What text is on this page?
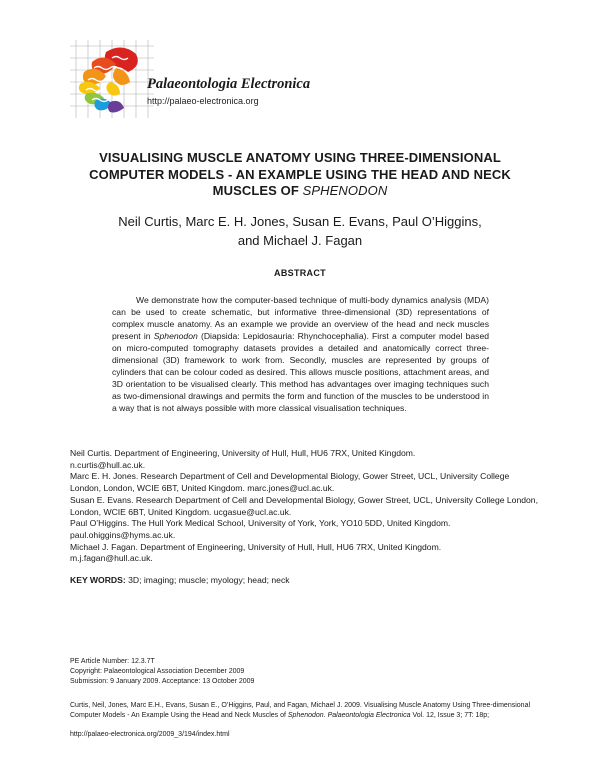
Palaeontologia Electronica
http://palaeo-electronica.org
VISUALISING MUSCLE ANATOMY USING THREE-DIMENSIONAL
COMPUTER MODELS - AN EXAMPLE USING THE HEAD AND NECK
MUSCLES OF SPHENODON

Neil Curtis, Marc E. H. Jones, Susan E. Evans, Paul O’Higgins,
and Michael J. Fagan

ABSTRACT

We demonstrate how the computer-based technique of multi-body dynamics analysis (MDA) can be used to create schematic, but informative three-dimensional (3D) representations of complex muscle anatomy. As an example we provide an overview of the head and neck muscles present in Sphenodon (Diapsida: Lepidosauria: Rhynchocephalia). First a computer model based on micro-computed tomography datasets provides a detailed and anatomically correct three-dimensional (3D) framework to work from. Secondly, muscles are represented by groups of cylinders that can be colour coded as desired. This allows muscle positions, attachment areas, and 3D orientation to be visualised clearly. This method has advantages over imaging techniques such as two-dimensional drawings and permits the form and function of the muscles to be understood in a way that is not always possible with more classical visualisation techniques.

Neil Curtis. Department of Engineering, University of Hull, Hull, HU6 7RX, United Kingdom.

n.curtis@hull.ac.uk.

Marc E. H. Jones. Research Department of Cell and Developmental Biology, Gower Street, UCL, University College London, London, WCIE 6BT, United Kingdom. marc.jones@ucl.ac.uk.

Susan E. Evans. Research Department of Cell and Developmental Biology, Gower Street, UCL, University College London, London, WCIE 6BT, United Kingdom. ucgasue@ucl.ac.uk.

Paul O’Higgins. The Hull York Medical School, University of York, York, YO10 5DD, United Kingdom.

paul.ohiggins@hyms.ac.uk.

Michael J. Fagan. Department of Engineering, University of Hull, Hull, HU6 7RX, United Kingdom.

m.j.fagan@hull.ac.uk.

KEY WORDS: 3D; imaging; muscle; myology; head; neck

PE Article Number: 12.3.7T

Copyright: Palaeontological Association December 2009

Submission: 9 January 2009. Acceptance: 13 October 2009

Curtis, Neil, Jones, Marc E.H., Evans, Susan E., O’Higgins, Paul, and Fagan, Michael J. 2009. Visualising Muscle Anatomy Using Three-dimensional Computer Models - An Example Using the Head and Neck Muscles of Sphenodon. Palaeontologia Electronica Vol. 12, Issue 3; 7T: 18p;

http://palaeo-electronica.org/2009_3/194/index.html
